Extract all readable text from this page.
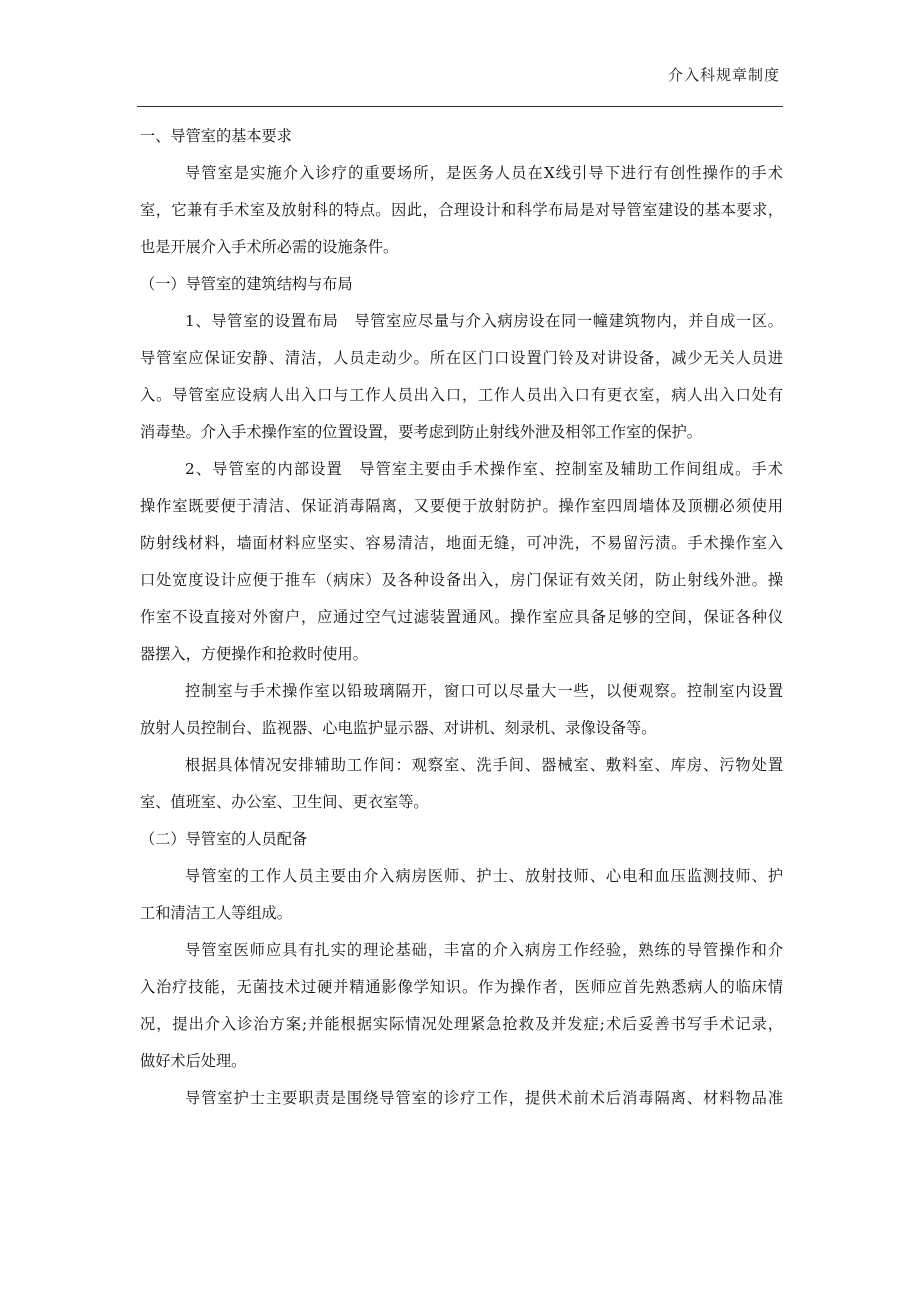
介入科规章制度
一、导管室的基本要求
导管室是实施介入诊疗的重要场所，是医务人员在X线引导下进行有创性操作的手术
室，它兼有手术室及放射科的特点。因此，合理设计和科学布局是对导管室建设的基本要求，
也是开展介入手术所必需的设施条件。
（一）导管室的建筑结构与布局
1、导管室的设置布局　导管室应尽量与介入病房设在同一幢建筑物内，并自成一区。
导管室应保证安静、清洁，人员走动少。所在区门口设置门铃及对讲设备，减少无关人员进
入。导管室应设病人出入口与工作人员出入口，工作人员出入口有更衣室，病人出入口处有
消毒垫。介入手术操作室的位置设置，要考虑到防止射线外泄及相邻工作室的保护。
2、导管室的内部设置　导管室主要由手术操作室、控制室及辅助工作间组成。手术
操作室既要便于清洁、保证消毒隔离，又要便于放射防护。操作室四周墙体及顶棚必须使用
防射线材料，墙面材料应坚实、容易清洁，地面无缝，可冲洗，不易留污渍。手术操作室入
口处宽度设计应便于推车（病床）及各种设备出入，房门保证有效关闭，防止射线外泄。操
作室不设直接对外窗户，应通过空气过滤装置通风。操作室应具备足够的空间，保证各种仪
器摆入，方便操作和抢救时使用。
控制室与手术操作室以铅玻璃隔开，窗口可以尽量大一些，以便观察。控制室内设置
放射人员控制台、监视器、心电监护显示器、对讲机、刻录机、录像设备等。
根据具体情况安排辅助工作间：观察室、洗手间、器械室、敷料室、库房、污物处置
室、值班室、办公室、卫生间、更衣室等。
（二）导管室的人员配备
导管室的工作人员主要由介入病房医师、护士、放射技师、心电和血压监测技师、护
工和清洁工人等组成。
导管室医师应具有扎实的理论基础，丰富的介入病房工作经验，熟练的导管操作和介
入治疗技能，无菌技术过硬并精通影像学知识。作为操作者，医师应首先熟悉病人的临床情
况，提出介入诊治方案;并能根据实际情况处理紧急抢救及并发症;术后妥善书写手术记录，
做好术后处理。
导管室护士主要职责是围绕导管室的诊疗工作，提供术前术后消毒隔离、材料物品准
